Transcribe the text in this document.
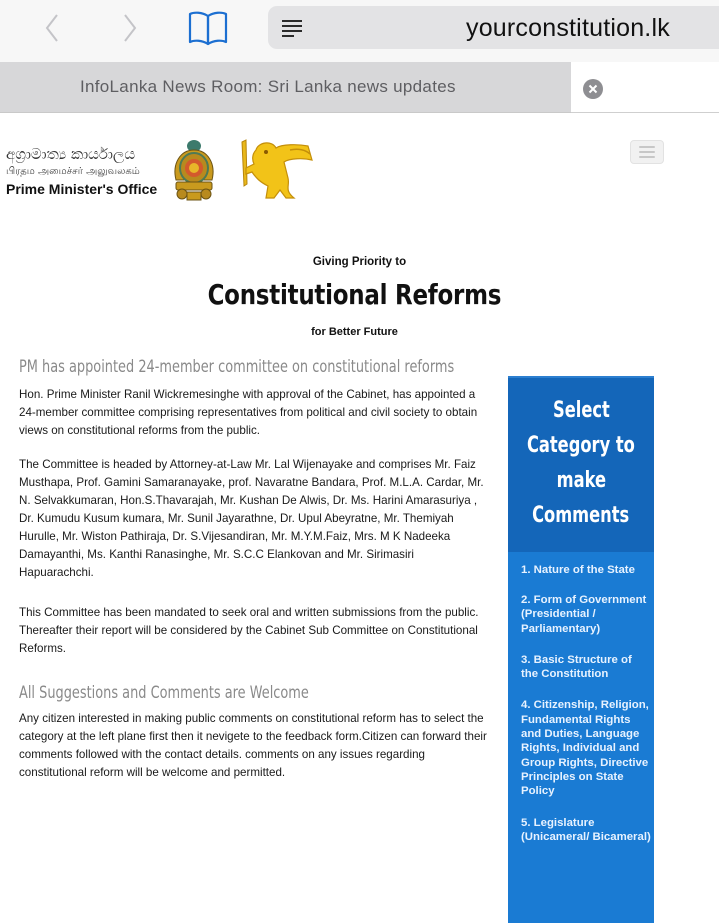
yourconstitution.lk
InfoLanka News Room: Sri Lanka news updates
අග්‍රාමාත්‍ය කාර්යාලය
பிரதம அமைச்சர் அலுவலகம்
Prime Minister's Office
Giving Priority to
Constitutional Reforms
for Better Future
PM has appointed 24-member committee on constitutional reforms

Hon. Prime Minister Ranil Wickremesinghe with approval of the Cabinet, has appointed a 24-member committee comprising representatives from political and civil society to obtain views on constitutional reforms from the public.

The Committee is headed by Attorney-at-Law Mr. Lal Wijenayake and comprises Mr. Faiz Musthapa, Prof. Gamini Samaranayake, prof. Navaratne Bandara, Prof. M.L.A. Cardar, Mr. N. Selvakkumaran, Hon.S.Thavarajah, Mr. Kushan De Alwis, Dr. Ms. Harini Amarasuriya , Dr. Kumudu Kusum kumara, Mr. Sunil Jayarathne, Dr. Upul Abeyratne, Mr. Themiyah Hurulle, Mr. Wiston Pathiraja, Dr. S.Vijesandiran, Mr. M.Y.M.Faiz, Mrs. M K Nadeeka Damayanthi, Ms. Kanthi Ranasinghe, Mr. S.C.C Elankovan and Mr. Sirimasiri Hapuarachchi.

This Committee has been mandated to seek oral and written submissions from the public. Thereafter their report will be considered by the Cabinet Sub Committee on Constitutional Reforms.

All Suggestions and Comments are Welcome

Any citizen interested in making public comments on constitutional reform has to select the category at the left plane first then it nevigete to the feedback form.Citizen can forward their comments followed with the contact details. comments on any issues regarding constitutional reform will be welcome and permitted.

Select
Category to
make
Comments
1. Nature of the State
2. Form of Government (Presidential / Parliamentary)
3. Basic Structure of the Constitution
4. Citizenship, Religion, Fundamental Rights and Duties, Language Rights, Individual and Group Rights, Directive Principles on State Policy
5. Legislature (Unicameral/ Bicameral)
